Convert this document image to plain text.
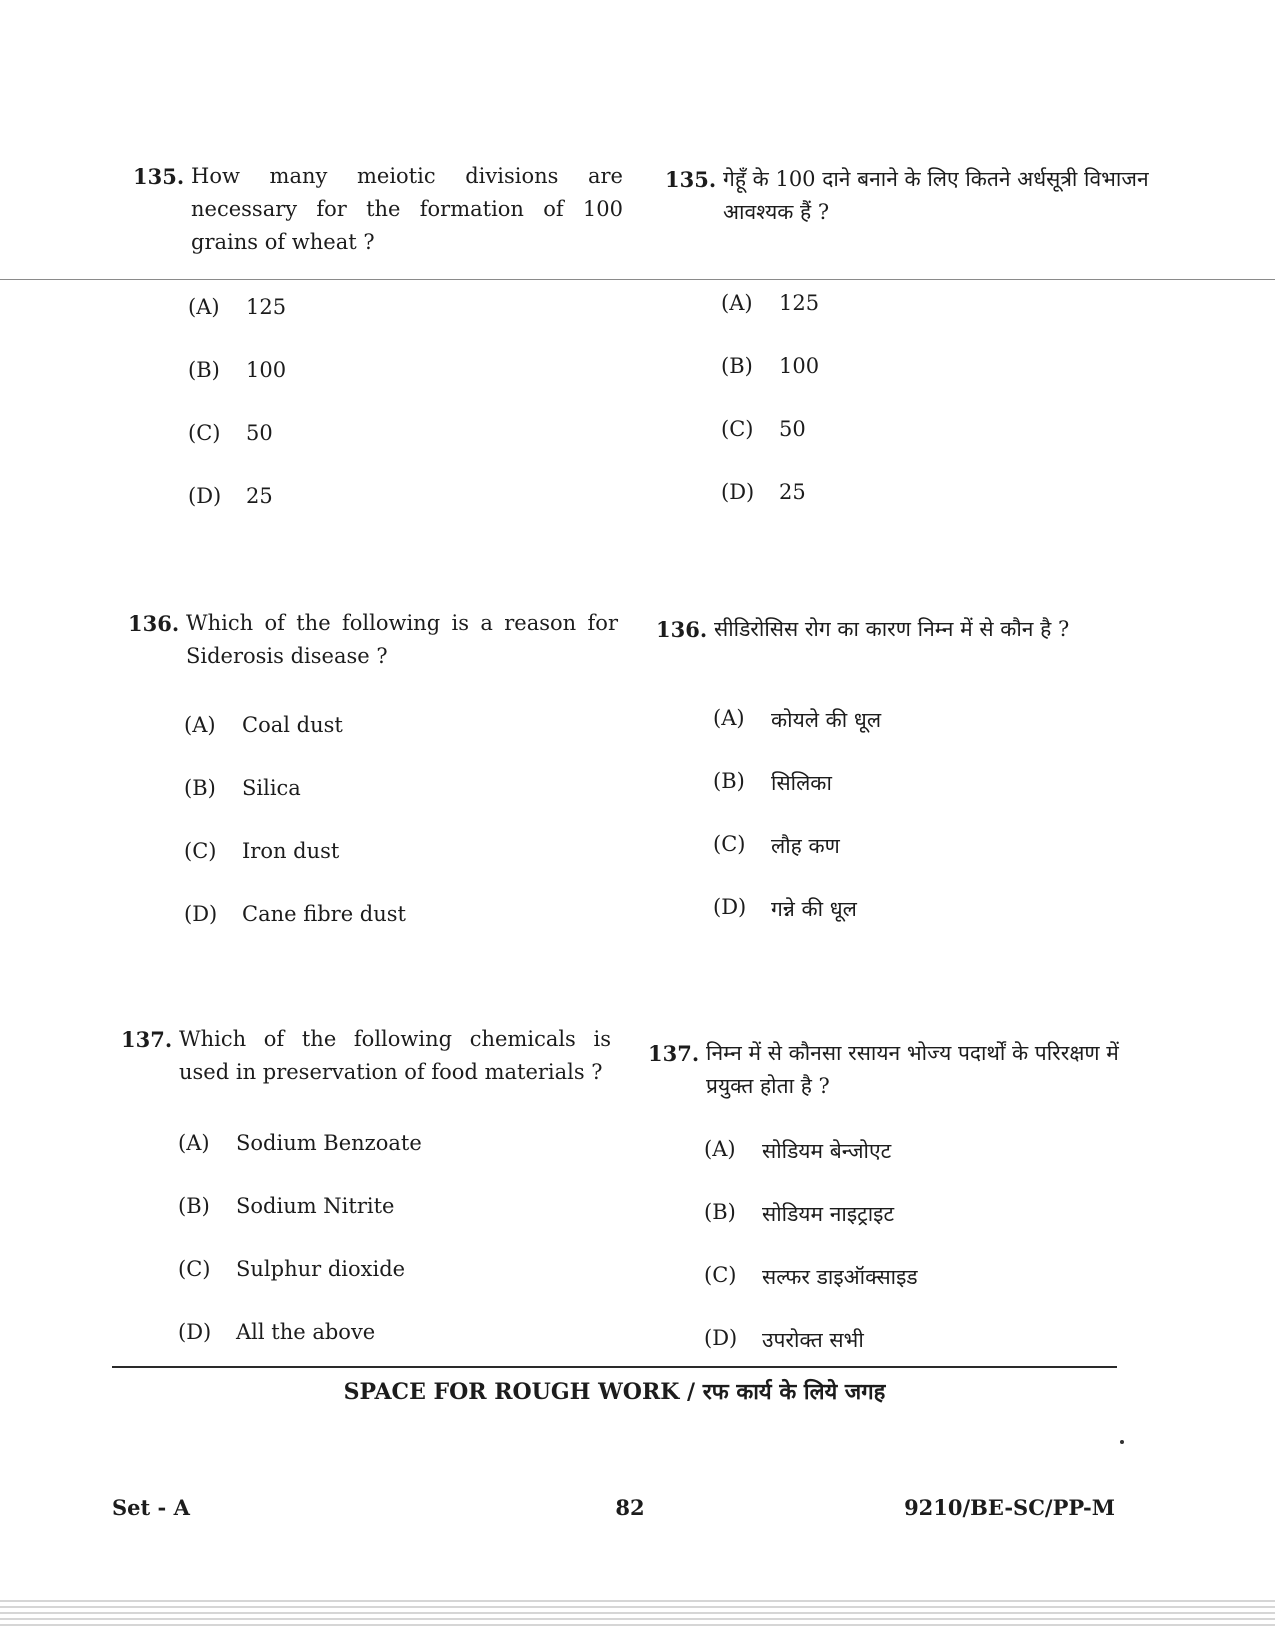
135. How many meiotic divisions are necessary for the formation of 100 grains of wheat ?
(A)	125
(B)	100
(C)	50
(D)	25
135. गेहूँ के 100 दाने बनाने के लिए कितने अर्धसूत्री विभाजन आवश्यक हैं ?
(A)	125
(B)	100
(C)	50
(D)	25
136. Which of the following is a reason for Siderosis disease ?
(A)	Coal dust
(B)	Silica
(C)	Iron dust
(D)	Cane fibre dust
136. सीडिरोसिस रोग का कारण निम्न में से कौन है ?
(A)	कोयले की धूल
(B)	सिलिका
(C)	लौह कण
(D)	गन्ने की धूल
137. Which of the following chemicals is used in preservation of food materials ?
(A)	Sodium Benzoate
(B)	Sodium Nitrite
(C)	Sulphur dioxide
(D)	All the above
137. निम्न में से कौनसा रसायन भोज्य पदार्थों के परिरक्षण में प्रयुक्त होता है ?
(A)	सोडियम बेन्जोएट
(B)	सोडियम नाइट्राइट
(C)	सल्फर डाइऑक्साइड
(D)	उपरोक्त सभी
SPACE FOR ROUGH WORK / रफ कार्य के लिये जगह
Set - A	82	9210/BE-SC/PP-M
